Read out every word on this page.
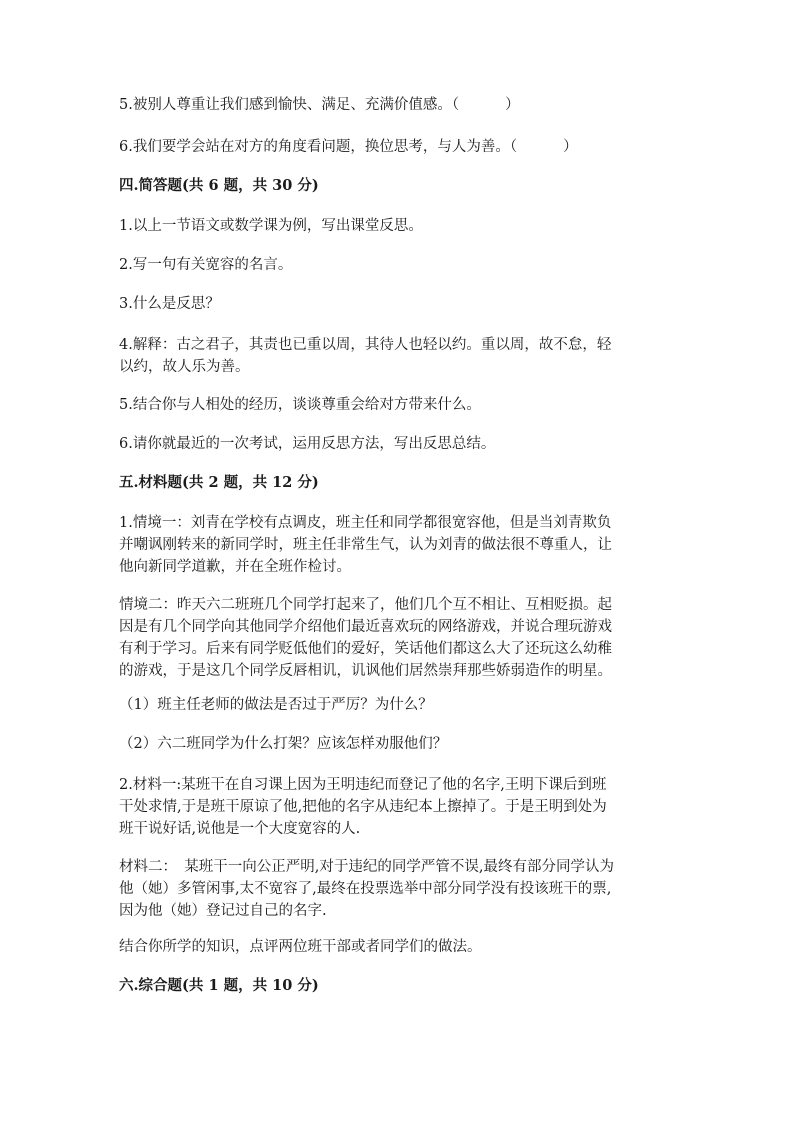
5.被别人尊重让我们感到愉快、满足、充满价值感。（	）

6.我们要学会站在对方的角度看问题，换位思考，与人为善。（	）

四.简答题(共 6 题，共 30 分)

1.以上一节语文或数学课为例，写出课堂反思。

2.写一句有关宽容的名言。

3.什么是反思？

4.解释：古之君子，其责也已重以周，其待人也轻以约。重以周，故不怠，轻
以约，故人乐为善。

5.结合你与人相处的经历，谈谈尊重会给对方带来什么。

6.请你就最近的一次考试，运用反思方法，写出反思总结。

五.材料题(共 2 题，共 12 分)

1.情境一：刘青在学校有点调皮，班主任和同学都很宽容他，但是当刘青欺负
并嘲讽刚转来的新同学时，班主任非常生气，认为刘青的做法很不尊重人，让
他向新同学道歉，并在全班作检讨。
情境二：昨天六二班班几个同学打起来了，他们几个互不相让、互相贬损。起
因是有几个同学向其他同学介绍他们最近喜欢玩的网络游戏，并说合理玩游戏
有利于学习。后来有同学贬低他们的爱好，笑话他们都这么大了还玩这么幼稚
的游戏，于是这几个同学反唇相讥，讥讽他们居然崇拜那些娇弱造作的明星。

（1）班主任老师的做法是否过于严厉？为什么？

（2）六二班同学为什么打架？应该怎样劝服他们？

2.材料一:某班干在自习课上因为王明违纪而登记了他的名字,王明下课后到班
干处求情,于是班干原谅了他,把他的名字从违纪本上擦掉了。于是王明到处为
班干说好话,说他是一个大度宽容的人.
材料二：　某班干一向公正严明,对于违纪的同学严管不误,最终有部分同学认为
他（她）多管闲事,太不宽容了,最终在投票选举中部分同学没有投该班干的票,
因为他（她）登记过自己的名字.

结合你所学的知识，点评两位班干部或者同学们的做法。

六.综合题(共 1 题，共 10 分)
